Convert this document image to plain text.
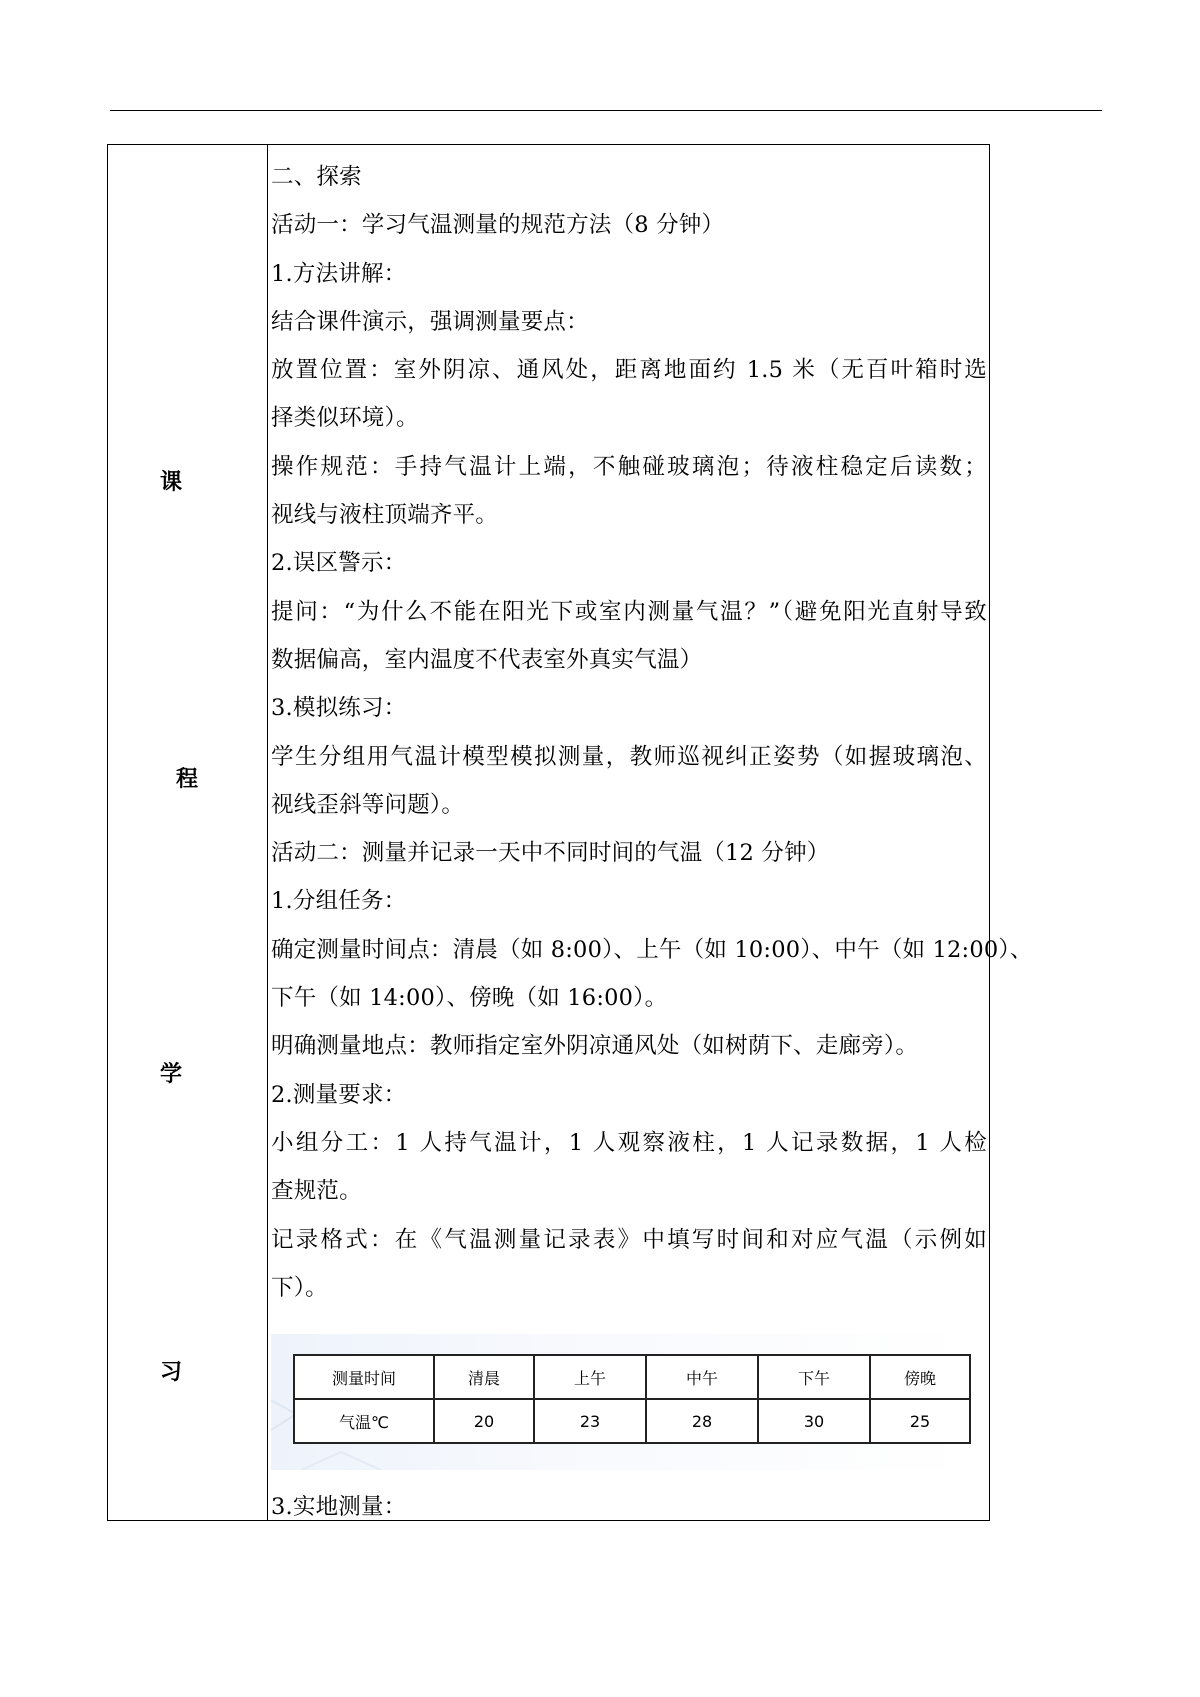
课
程
学
习
二、探索
活动一：学习气温测量的规范方法（8 分钟）
1.方法讲解：
结合课件演示，强调测量要点：
放置位置：室外阴凉、通风处，距离地面约 1.5 米（无百叶箱时选
择类似环境）。
操作规范：手持气温计上端，不触碰玻璃泡；待液柱稳定后读数；
视线与液柱顶端齐平。
2.误区警示：
提问：“为什么不能在阳光下或室内测量气温？”（避免阳光直射导致
数据偏高，室内温度不代表室外真实气温）
3.模拟练习：
学生分组用气温计模型模拟测量，教师巡视纠正姿势（如握玻璃泡、
视线歪斜等问题）。
活动二：测量并记录一天中不同时间的气温（12 分钟）
1.分组任务：
确定测量时间点：清晨（如 8:00）、上午（如 10:00）、中午（如 12:00）、
下午（如 14:00）、傍晚（如 16:00）。
明确测量地点：教师指定室外阴凉通风处（如树荫下、走廊旁）。
2.测量要求：
小组分工：1 人持气温计，1 人观察液柱，1 人记录数据，1 人检
查规范。
记录格式：在《气温测量记录表》中填写时间和对应气温（示例如
下）。
测量时间	清晨	上午	中午	下午	傍晚
气温℃	20	23	28	30	25
3.实地测量：
